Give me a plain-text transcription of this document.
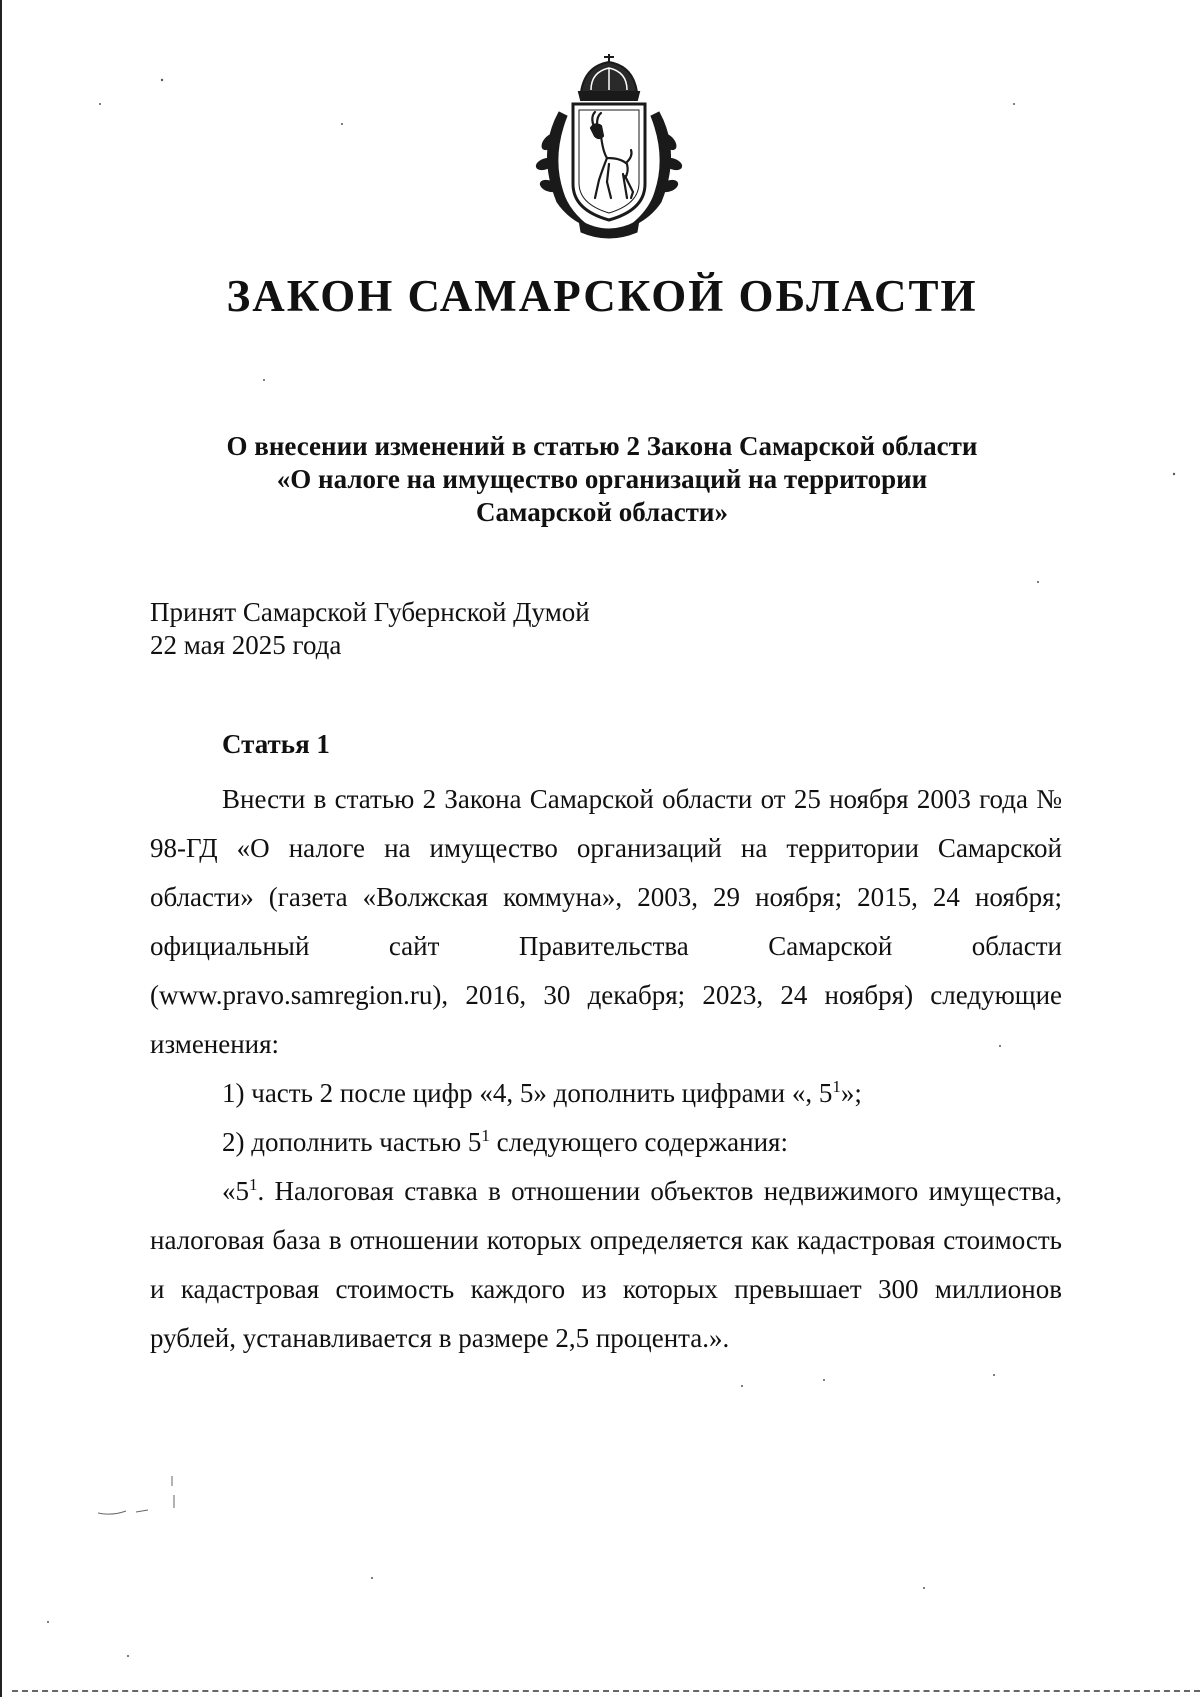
ЗАКОН САМАРСКОЙ ОБЛАСТИ
О внесении изменений в статью 2 Закона Самарской области
«О налоге на имущество организаций на территории
Самарской области»
Принят Самарской Губернской Думой
22 мая 2025 года
Статья 1

Внести в статью 2 Закона Самарской области от 25 ноября 2003 года № 98-ГД «О налоге на имущество организаций на территории Самарской области» (газета «Волжская коммуна», 2003, 29 ноября; 2015, 24 ноября; официальный сайт Правительства Самарской области (www.pravo.samregion.ru), 2016, 30 декабря; 2023, 24 ноября) следующие изменения:

1) часть 2 после цифр «4, 5» дополнить цифрами «, $5^1$»;

2) дополнить частью $5^1$ следующего содержания:

«$5^1$. Налоговая ставка в отношении объектов недвижимого имущества, налоговая база в отношении которых определяется как кадастровая стоимость и кадастровая стоимость каждого из которых превышает 300 миллионов рублей, устанавливается в размере 2,5 процента.».
